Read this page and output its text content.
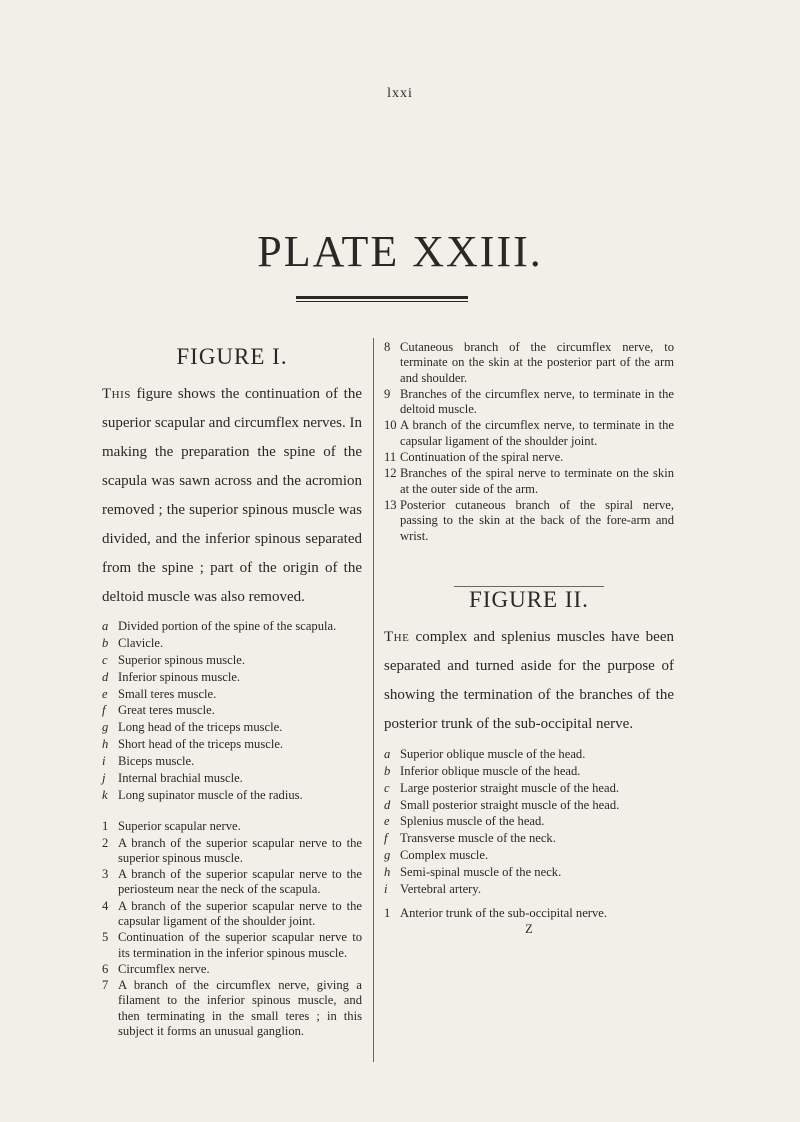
lxxi
PLATE XXIII.
FIGURE I.

This figure shows the continuation of the superior scapular and circumflex nerves. In making the preparation the spine of the scapula was sawn across and the acromion removed ; the superior spinous muscle was divided, and the inferior spinous separated from the spine ; part of the origin of the deltoid muscle was also removed.

a Divided portion of the spine of the scapula.
b Clavicle.
c Superior spinous muscle.
d Inferior spinous muscle.
e Small teres muscle.
f Great teres muscle.
g Long head of the triceps muscle.
h Short head of the triceps muscle.
i Biceps muscle.
j Internal brachial muscle.
k Long supinator muscle of the radius.
1 Superior scapular nerve.
2 A branch of the superior scapular nerve to the superior spinous muscle.
3 A branch of the superior scapular nerve to the periosteum near the neck of the scapula.
4 A branch of the superior scapular nerve to the capsular ligament of the shoulder joint.
5 Continuation of the superior scapular nerve to its termination in the inferior spinous muscle.
6 Circumflex nerve.
7 A branch of the circumflex nerve, giving a filament to the inferior spinous muscle, and then terminating in the small teres ; in this subject it forms an unusual ganglion.
8 Cutaneous branch of the circumflex nerve, to terminate on the skin at the posterior part of the arm and shoulder.
9 Branches of the circumflex nerve, to terminate in the deltoid muscle.
10 A branch of the circumflex nerve, to terminate in the capsular ligament of the shoulder joint.
11 Continuation of the spiral nerve.
12 Branches of the spiral nerve to terminate on the skin at the outer side of the arm.
13 Posterior cutaneous branch of the spiral nerve, passing to the skin at the back of the fore-arm and wrist.
FIGURE II.

The complex and splenius muscles have been separated and turned aside for the purpose of showing the termination of the branches of the posterior trunk of the sub-occipital nerve.

a Superior oblique muscle of the head.
b Inferior oblique muscle of the head.
c Large posterior straight muscle of the head.
d Small posterior straight muscle of the head.
e Splenius muscle of the head.
f Transverse muscle of the neck.
g Complex muscle.
h Semi-spinal muscle of the neck.
i Vertebral artery.
1 Anterior trunk of the sub-occipital nerve.
Z
